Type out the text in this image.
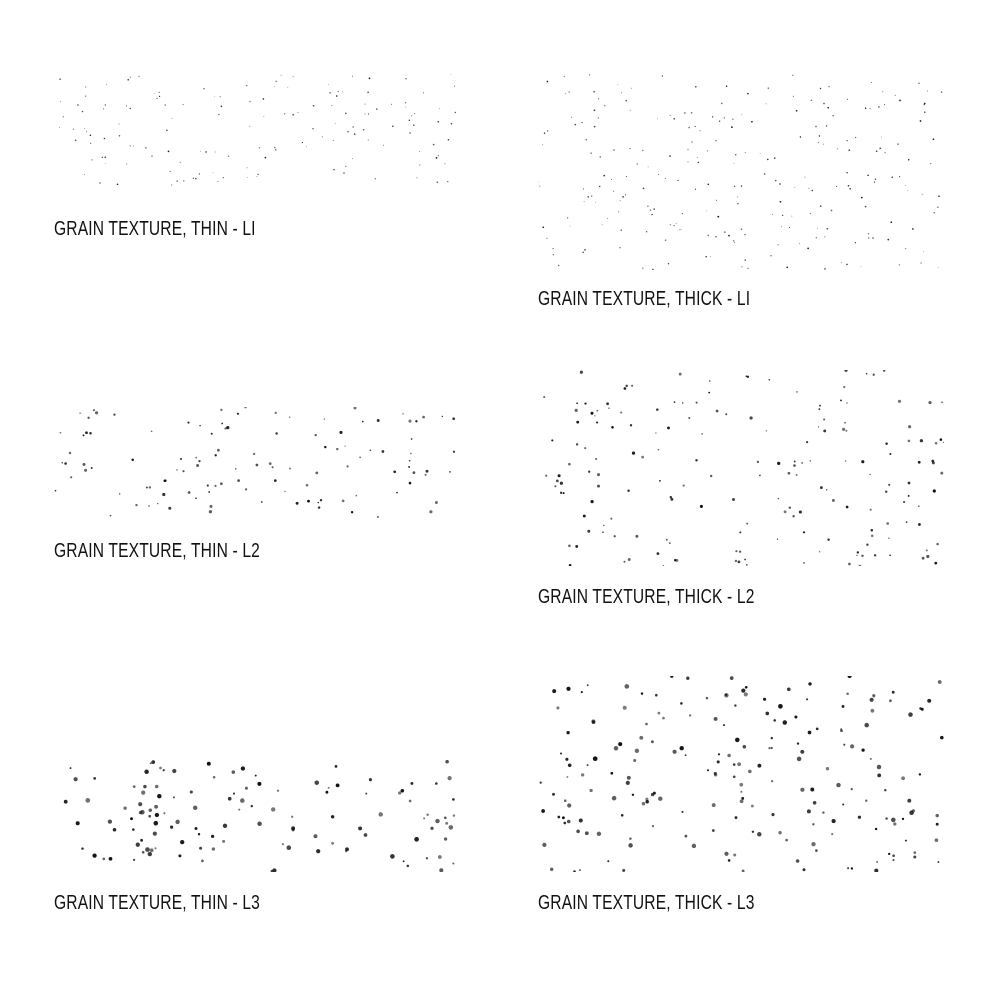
GRAIN TEXTURE, THIN - LI

GRAIN TEXTURE, THICK - LI

GRAIN TEXTURE, THIN - L2

GRAIN TEXTURE, THICK - L2

GRAIN TEXTURE, THIN - L3	GRAIN TEXTURE, THICK - L3
